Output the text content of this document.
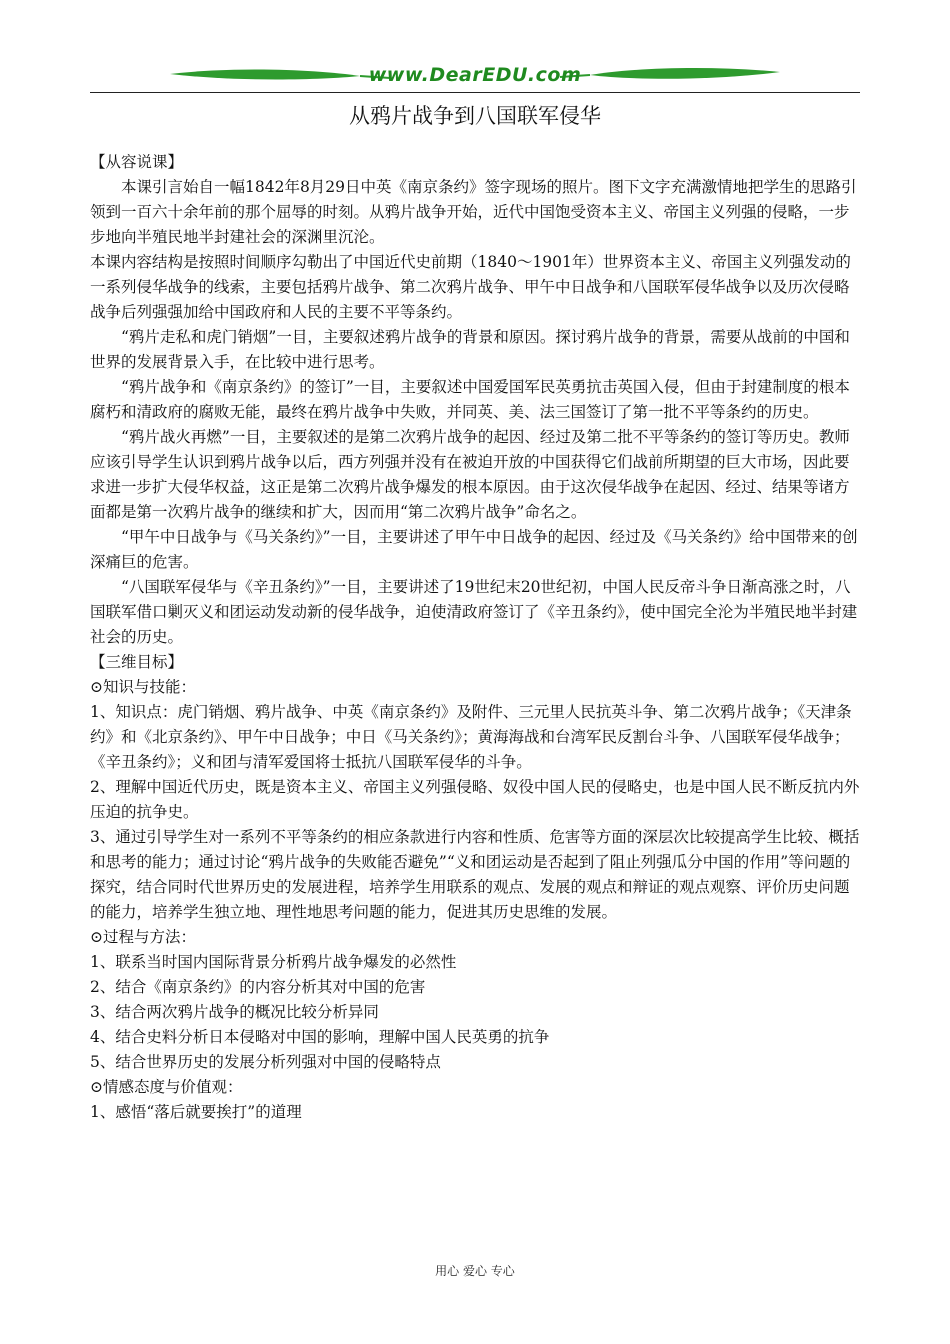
www.DearEDU.com
从鸦片战争到八国联军侵华

【从容说课】

本课引言始自一幅1842年8月29日中英《南京条约》签字现场的照片。图下文字充满激情地把学生的思路引领到一百六十余年前的那个屈辱的时刻。从鸦片战争开始，近代中国饱受资本主义、帝国主义列强的侵略，一步步地向半殖民地半封建社会的深渊里沉沦。

本课内容结构是按照时间顺序勾勒出了中国近代史前期（1840～1901年）世界资本主义、帝国主义列强发动的一系列侵华战争的线索，主要包括鸦片战争、第二次鸦片战争、甲午中日战争和八国联军侵华战争以及历次侵略战争后列强强加给中国政府和人民的主要不平等条约。

“鸦片走私和虎门销烟”一目，主要叙述鸦片战争的背景和原因。探讨鸦片战争的背景，需要从战前的中国和世界的发展背景入手，在比较中进行思考。

“鸦片战争和《南京条约》的签订”一目，主要叙述中国爱国军民英勇抗击英国入侵，但由于封建制度的根本腐朽和清政府的腐败无能，最终在鸦片战争中失败，并同英、美、法三国签订了第一批不平等条约的历史。

“鸦片战火再燃”一目，主要叙述的是第二次鸦片战争的起因、经过及第二批不平等条约的签订等历史。教师应该引导学生认识到鸦片战争以后，西方列强并没有在被迫开放的中国获得它们战前所期望的巨大市场，因此要求进一步扩大侵华权益，这正是第二次鸦片战争爆发的根本原因。由于这次侵华战争在起因、经过、结果等诸方面都是第一次鸦片战争的继续和扩大，因而用“第二次鸦片战争”命名之。

“甲午中日战争与《马关条约》”一目，主要讲述了甲午中日战争的起因、经过及《马关条约》给中国带来的创深痛巨的危害。

“八国联军侵华与《辛丑条约》”一目，主要讲述了19世纪末20世纪初，中国人民反帝斗争日渐高涨之时，八国联军借口剿灭义和团运动发动新的侵华战争，迫使清政府签订了《辛丑条约》，使中国完全沦为半殖民地半封建社会的历史。

【三维目标】

⊙知识与技能：

1、知识点：虎门销烟、鸦片战争、中英《南京条约》及附件、三元里人民抗英斗争、第二次鸦片战争；《天津条约》和《北京条约》、甲午中日战争；中日《马关条约》；黄海海战和台湾军民反割台斗争、八国联军侵华战争；《辛丑条约》；义和团与清军爱国将士抵抗八国联军侵华的斗争。

2、理解中国近代历史，既是资本主义、帝国主义列强侵略、奴役中国人民的侵略史，也是中国人民不断反抗内外压迫的抗争史。

3、通过引导学生对一系列不平等条约的相应条款进行内容和性质、危害等方面的深层次比较提高学生比较、概括和思考的能力；通过讨论“鸦片战争的失败能否避免”“义和团运动是否起到了阻止列强瓜分中国的作用”等问题的探究，结合同时代世界历史的发展进程，培养学生用联系的观点、发展的观点和辩证的观点观察、评价历史问题的能力，培养学生独立地、理性地思考问题的能力，促进其历史思维的发展。

⊙过程与方法：

1、联系当时国内国际背景分析鸦片战争爆发的必然性

2、结合《南京条约》的内容分析其对中国的危害

3、结合两次鸦片战争的概况比较分析异同

4、结合史料分析日本侵略对中国的影响，理解中国人民英勇的抗争

5、结合世界历史的发展分析列强对中国的侵略特点

⊙情感态度与价值观：

1、感悟“落后就要挨打”的道理

用心 爱心 专心
